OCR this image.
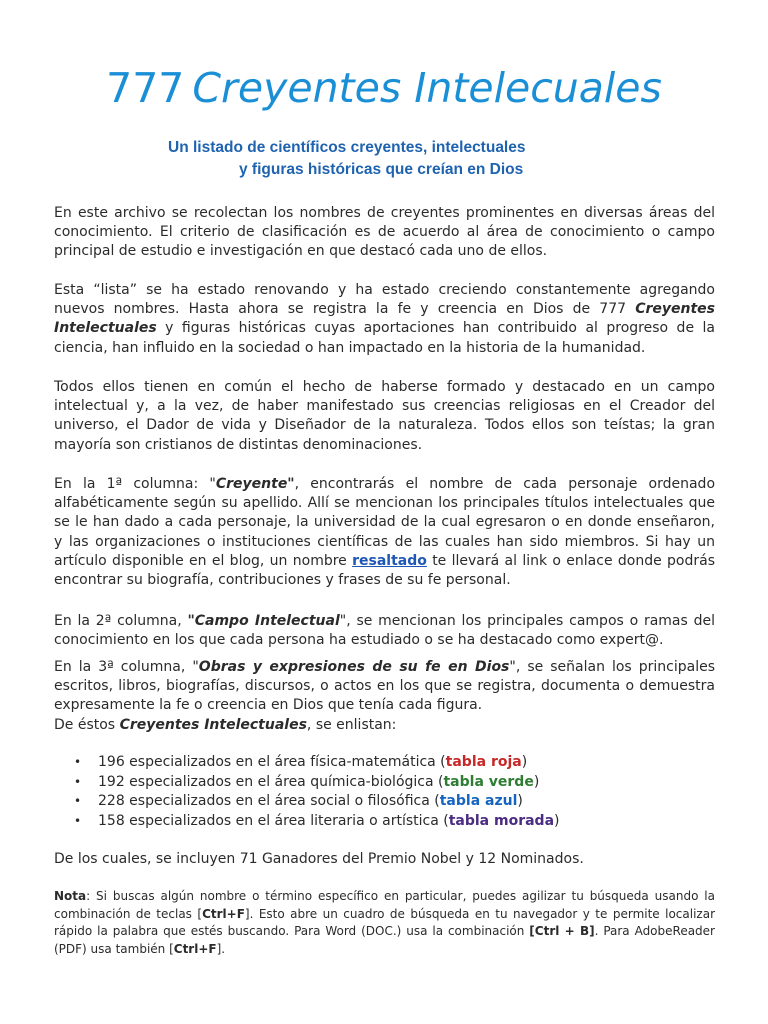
777 Creyentes Intelecuales
Un listado de científicos creyentes, intelectuales
y figuras históricas que creían en Dios

En este archivo se recolectan los nombres de creyentes prominentes en diversas áreas del conocimiento. El criterio de clasificación es de acuerdo al área de conocimiento o campo principal de estudio e investigación en que destacó cada uno de ellos.

Esta “lista” se ha estado renovando y ha estado creciendo constantemente agregando nuevos nombres. Hasta ahora se registra la fe y creencia en Dios de 777 Creyentes Intelectuales y figuras históricas cuyas aportaciones han contribuido al progreso de la ciencia, han influido en la sociedad o han impactado en la historia de la humanidad.

Todos ellos tienen en común el hecho de haberse formado y destacado en un campo intelectual y, a la vez, de haber manifestado sus creencias religiosas en el Creador del universo, el Dador de vida y Diseñador de la naturaleza. Todos ellos son teístas; la gran mayoría son cristianos de distintas denominaciones.

En la 1ª columna: "Creyente", encontrarás el nombre de cada personaje ordenado alfabéticamente según su apellido. Allí se mencionan los principales títulos intelectuales que se le han dado a cada personaje, la universidad de la cual egresaron o en donde enseñaron, y las organizaciones o instituciones científicas de las cuales han sido miembros. Si hay un artículo disponible en el blog, un nombre resaltado te llevará al link o enlace donde podrás encontrar su biografía, contribuciones y frases de su fe personal.

En la 2ª columna, "Campo Intelectual", se mencionan los principales campos o ramas del conocimiento en los que cada persona ha estudiado o se ha destacado como expert@.

En la 3ª columna, "Obras y expresiones de su fe en Dios", se señalan los principales escritos, libros, biografías, discursos, o actos en los que se registra, documenta o demuestra expresamente la fe o creencia en Dios que tenía cada figura.
De éstos Creyentes Intelectuales, se enlistan:

• 196 especializados en el área física-matemática (tabla roja)
• 192 especializados en el área química-biológica (tabla verde)
• 228 especializados en el área social o filosófica (tabla azul)
• 158 especializados en el área literaria o artística (tabla morada)

De los cuales, se incluyen 71 Ganadores del Premio Nobel y 12 Nominados.

Nota: Si buscas algún nombre o término específico en particular, puedes agilizar tu búsqueda usando la combinación de teclas [Ctrl+F]. Esto abre un cuadro de búsqueda en tu navegador y te permite localizar rápido la palabra que estés buscando. Para Word (DOC.) usa la combinación [Ctrl + B]. Para AdobeReader (PDF) usa también [Ctrl+F].
